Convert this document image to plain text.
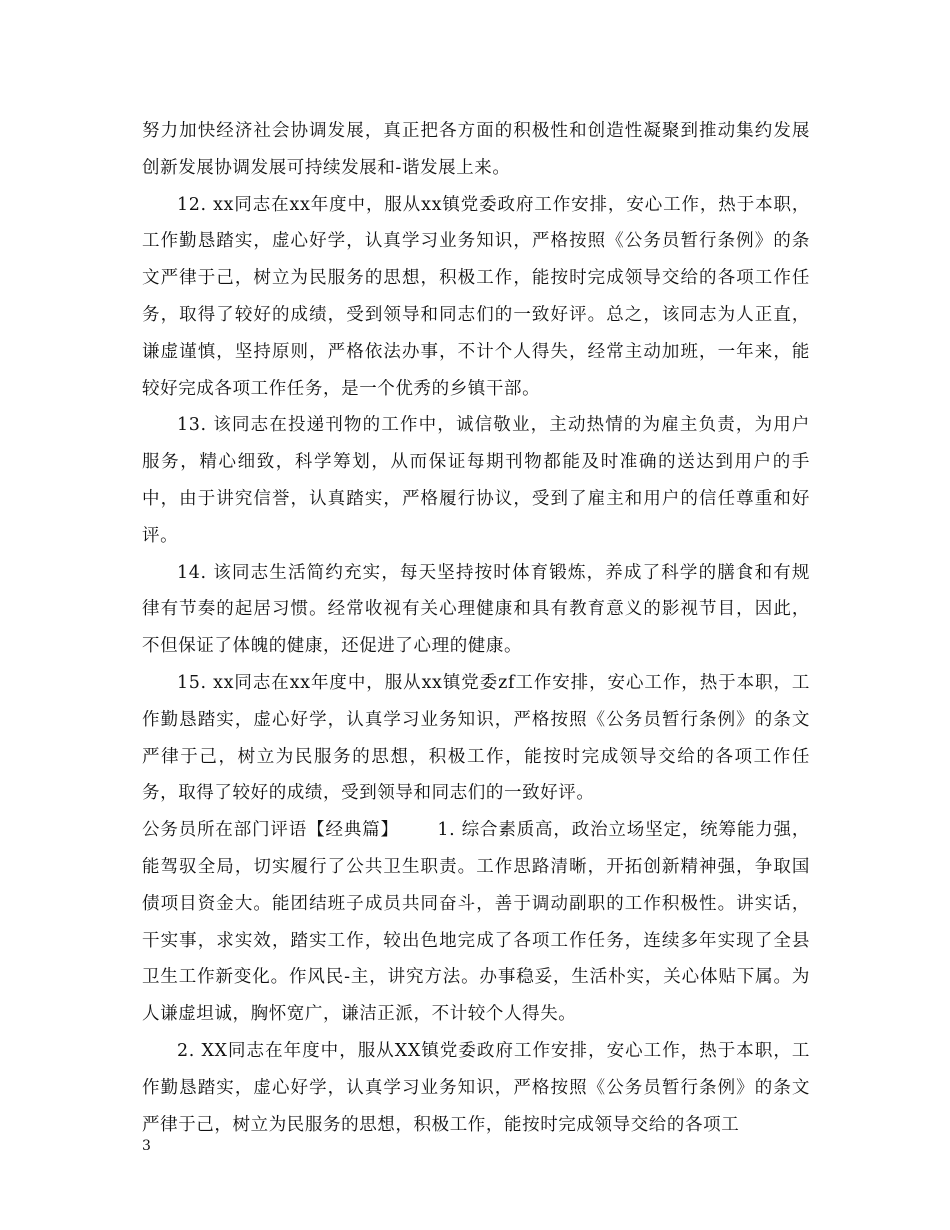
努力加快经济社会协调发展，真正把各方面的积极性和创造性凝聚到推动集约发展创新发展协调发展可持续发展和-谐发展上来。

12. xx同志在xx年度中，服从xx镇党委政府工作安排，安心工作，热于本职，工作勤恳踏实，虚心好学，认真学习业务知识，严格按照《公务员暂行条例》的条文严律于己，树立为民服务的思想，积极工作，能按时完成领导交给的各项工作任务，取得了较好的成绩，受到领导和同志们的一致好评。总之，该同志为人正直，谦虚谨慎，坚持原则，严格依法办事，不计个人得失，经常主动加班，一年来，能较好完成各项工作任务，是一个优秀的乡镇干部。

13. 该同志在投递刊物的工作中，诚信敬业，主动热情的为雇主负责，为用户服务，精心细致，科学筹划，从而保证每期刊物都能及时准确的送达到用户的手中，由于讲究信誉，认真踏实，严格履行协议，受到了雇主和用户的信任尊重和好评。

14. 该同志生活简约充实，每天坚持按时体育锻炼，养成了科学的膳食和有规律有节奏的起居习惯。经常收视有关心理健康和具有教育意义的影视节目，因此，不但保证了体魄的健康，还促进了心理的健康。

15. xx同志在xx年度中，服从xx镇党委zf工作安排，安心工作，热于本职，工作勤恳踏实，虚心好学，认真学习业务知识，严格按照《公务员暂行条例》的条文严律于己，树立为民服务的思想，积极工作，能按时完成领导交给的各项工作任务，取得了较好的成绩，受到领导和同志们的一致好评。

公务员所在部门评语【经典篇】 1. 综合素质高，政治立场坚定，统筹能力强，能驾驭全局，切实履行了公共卫生职责。工作思路清晰，开拓创新精神强，争取国债项目资金大。能团结班子成员共同奋斗，善于调动副职的工作积极性。讲实话，干实事，求实效，踏实工作，较出色地完成了各项工作任务，连续多年实现了全县卫生工作新变化。作风民-主，讲究方法。办事稳妥，生活朴实，关心体贴下属。为人谦虚坦诚，胸怀宽广，谦洁正派，不计较个人得失。

2. XX同志在年度中，服从XX镇党委政府工作安排，安心工作，热于本职，工作勤恳踏实，虚心好学，认真学习业务知识，严格按照《公务员暂行条例》的条文严律于己，树立为民服务的思想，积极工作，能按时完成领导交给的各项工

3
